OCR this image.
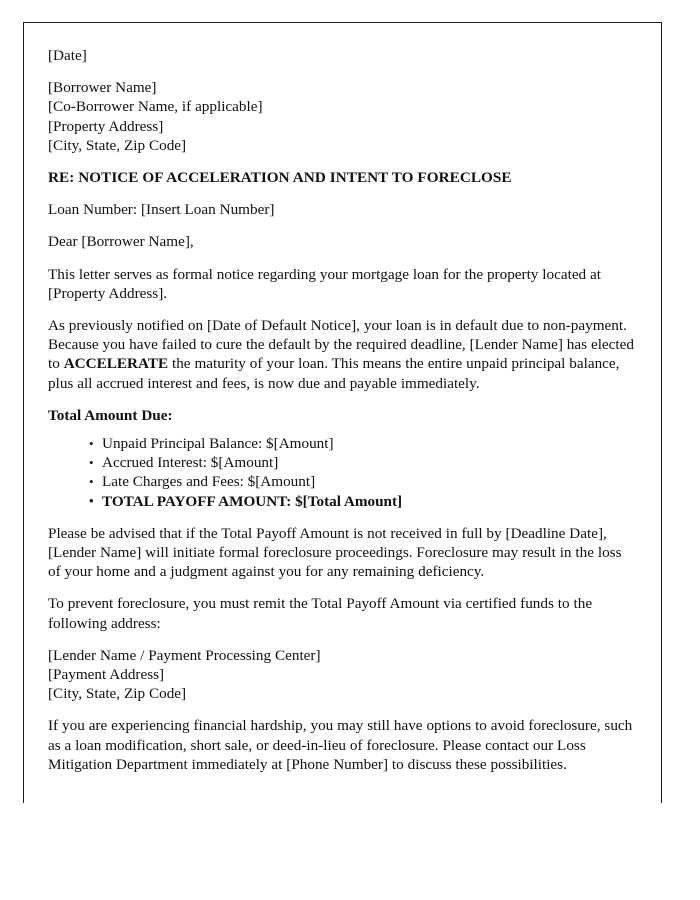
[Date]
[Borrower Name]
[Co-Borrower Name, if applicable]
[Property Address]
[City, State, Zip Code]
RE: NOTICE OF ACCELERATION AND INTENT TO FORECLOSE
Loan Number: [Insert Loan Number]
Dear [Borrower Name],

This letter serves as formal notice regarding your mortgage loan for the property located at [Property Address].

As previously notified on [Date of Default Notice], your loan is in default due to non-payment. Because you have failed to cure the default by the required deadline, [Lender Name] has elected to ACCELERATE the maturity of your loan. This means the entire unpaid principal balance, plus all accrued interest and fees, is now due and payable immediately.

Total Amount Due:
• Unpaid Principal Balance: $[Amount]
• Accrued Interest: $[Amount]
• Late Charges and Fees: $[Amount]
• TOTAL PAYOFF AMOUNT: $[Total Amount]

Please be advised that if the Total Payoff Amount is not received in full by [Deadline Date], [Lender Name] will initiate formal foreclosure proceedings. Foreclosure may result in the loss of your home and a judgment against you for any remaining deficiency.

To prevent foreclosure, you must remit the Total Payoff Amount via certified funds to the following address:

[Lender Name / Payment Processing Center]
[Payment Address]
[City, State, Zip Code]

If you are experiencing financial hardship, you may still have options to avoid foreclosure, such as a loan modification, short sale, or deed-in-lieu of foreclosure. Please contact our Loss Mitigation Department immediately at [Phone Number] to discuss these possibilities.
